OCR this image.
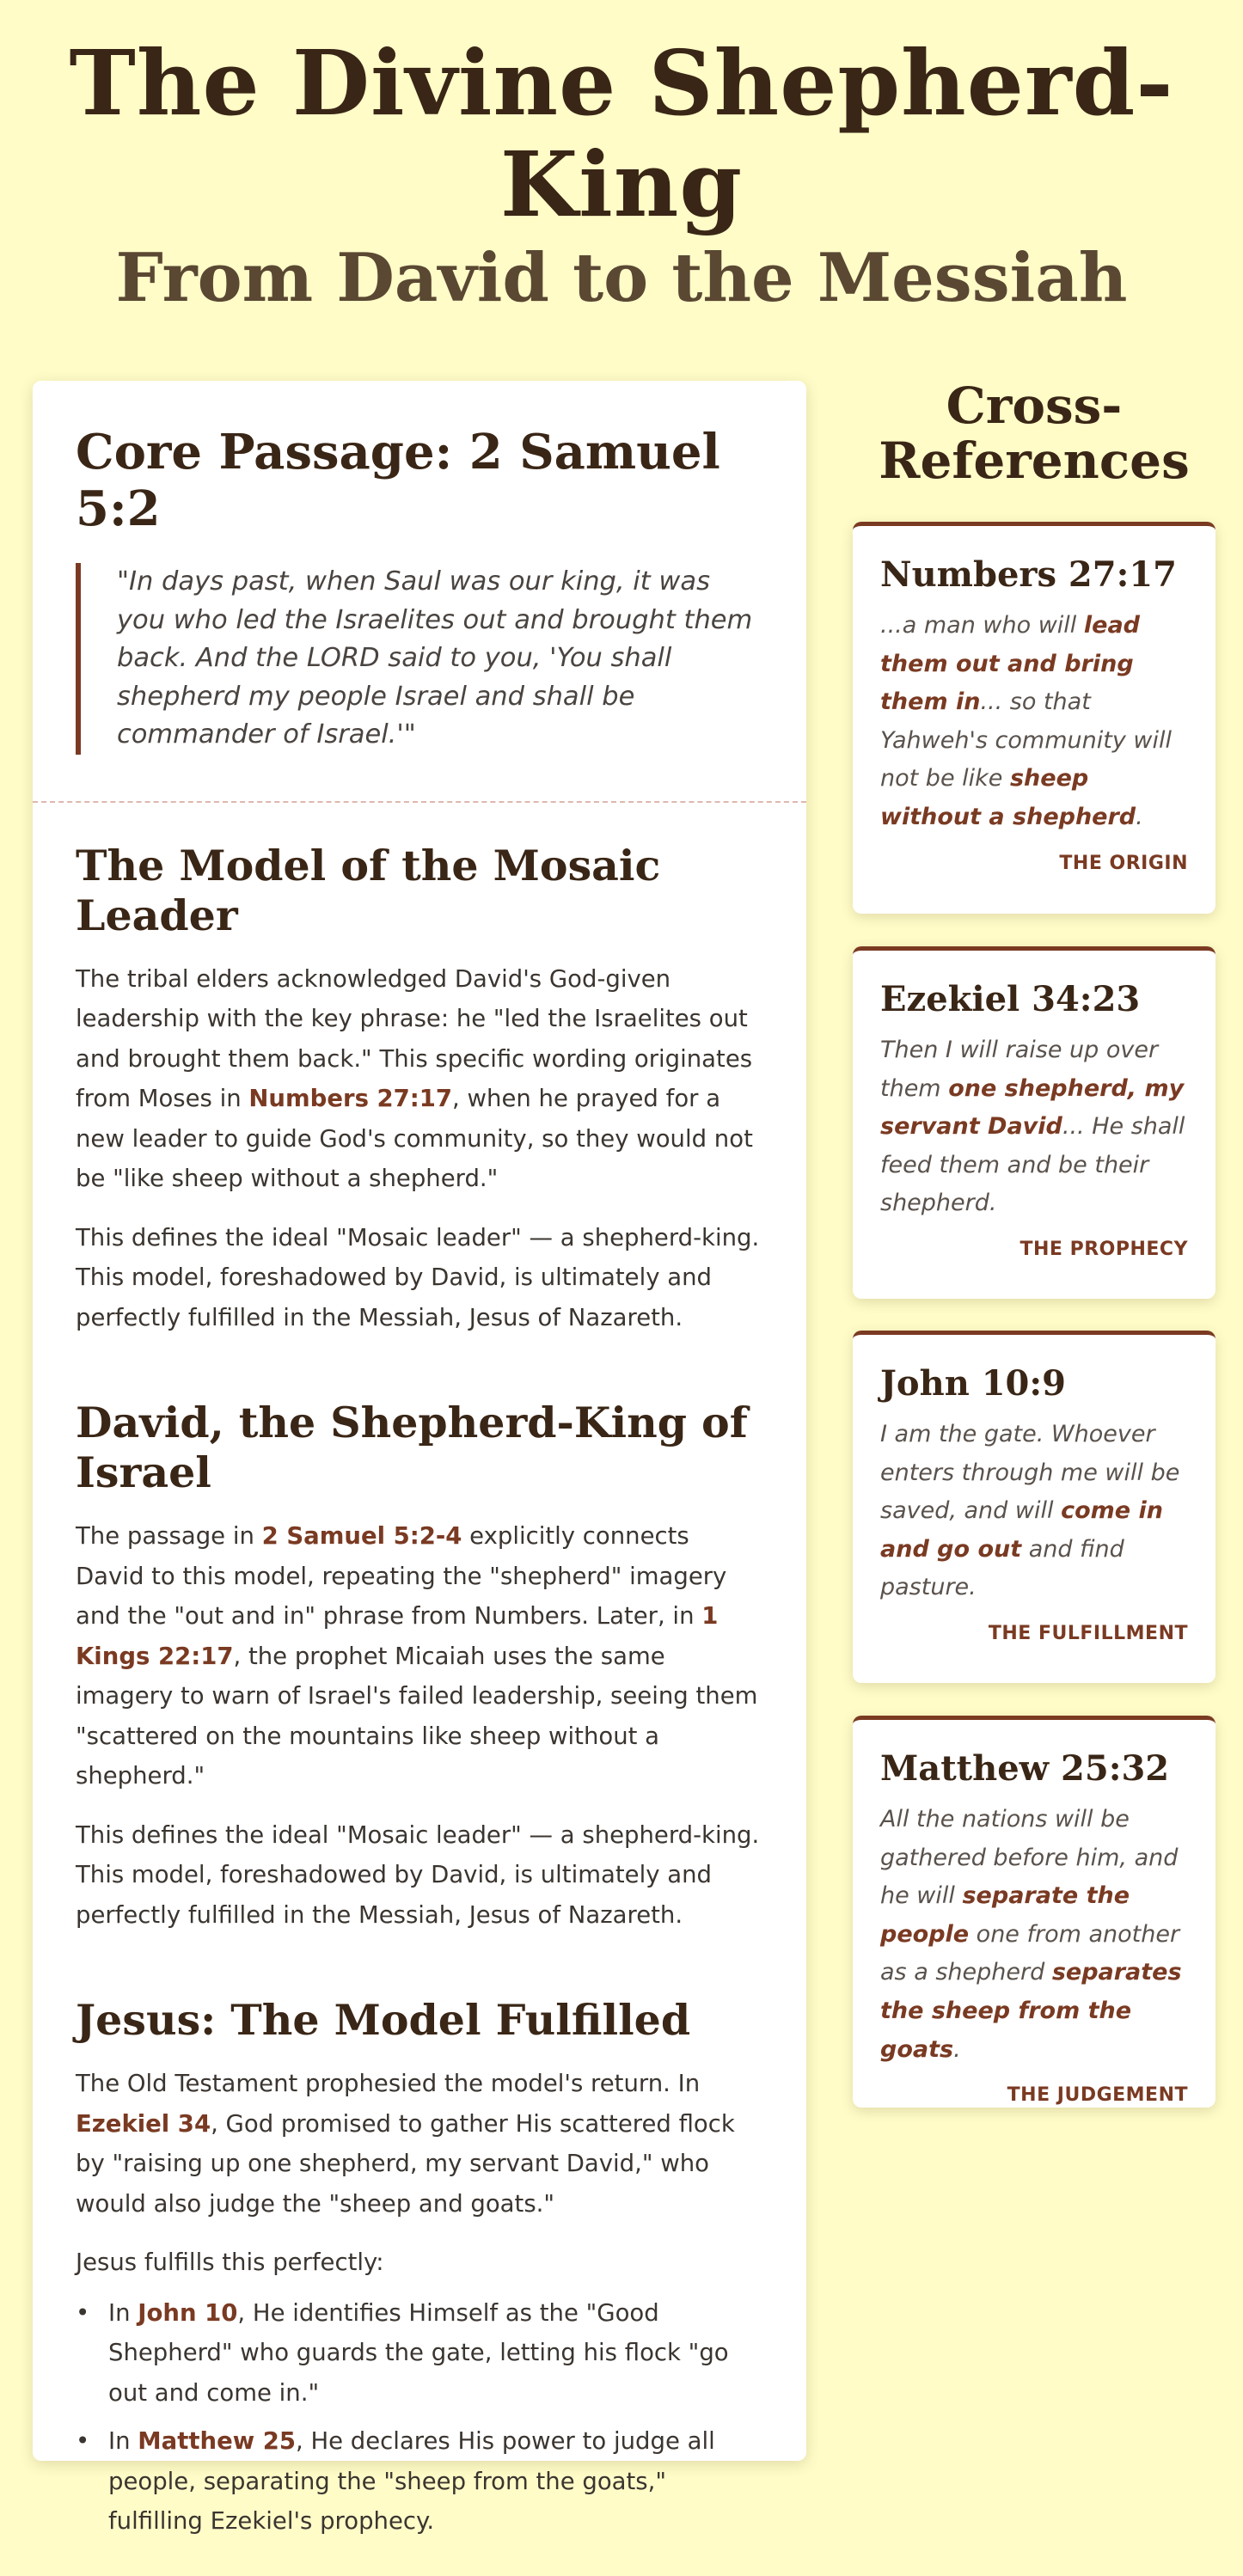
The Divine Shepherd-
King
From David to the Messiah
Core Passage: 2 Samuel 5:2
"In days past, when Saul was our king, it was you who led the Israelites out and brought them back. And the LORD said to you, 'You shall shepherd my people Israel and shall be commander of Israel.'"
The Model of the Mosaic Leader

The tribal elders acknowledged David's God-given leadership with the key phrase: he "led the Israelites out and brought them back." This specific wording originates from Moses in Numbers 27:17, when he prayed for a new leader to guide God's community, so they would not be "like sheep without a shepherd."

This defines the ideal "Mosaic leader" — a shepherd-king. This model, foreshadowed by David, is ultimately and perfectly fulfilled in the Messiah, Jesus of Nazareth.

David, the Shepherd-King of Israel

The passage in 2 Samuel 5:2-4 explicitly connects David to this model, repeating the "shepherd" imagery and the "out and in" phrase from Numbers. Later, in 1 Kings 22:17, the prophet Micaiah uses the same imagery to warn of Israel's failed leadership, seeing them "scattered on the mountains like sheep without a shepherd."

This defines the ideal "Mosaic leader" — a shepherd-king. This model, foreshadowed by David, is ultimately and perfectly fulfilled in the Messiah, Jesus of Nazareth.

Jesus: The Model Fulfilled

The Old Testament prophesied the model's return. In Ezekiel 34, God promised to gather His scattered flock by "raising up one shepherd, my servant David," who would also judge the "sheep and goats."

Jesus fulfills this perfectly:

• In John 10, He identifies Himself as the "Good Shepherd" who guards the gate, letting his flock "go out and come in."
• In Matthew 25, He declares His power to judge all people, separating the "sheep from the goats," fulfilling Ezekiel's prophecy.
Cross-
References
Numbers 27:17
...a man who will lead them out and bring them in... so that Yahweh's community will not be like sheep without a shepherd.
THE ORIGIN
Ezekiel 34:23
Then I will raise up over them one shepherd, my servant David... He shall feed them and be their shepherd.
THE PROPHECY
John 10:9
I am the gate. Whoever enters through me will be saved, and will come in and go out and find pasture.
THE FULFILLMENT
Matthew 25:32
All the nations will be gathered before him, and he will separate the people one from another as a shepherd separates the sheep from the goats.
THE JUDGEMENT
